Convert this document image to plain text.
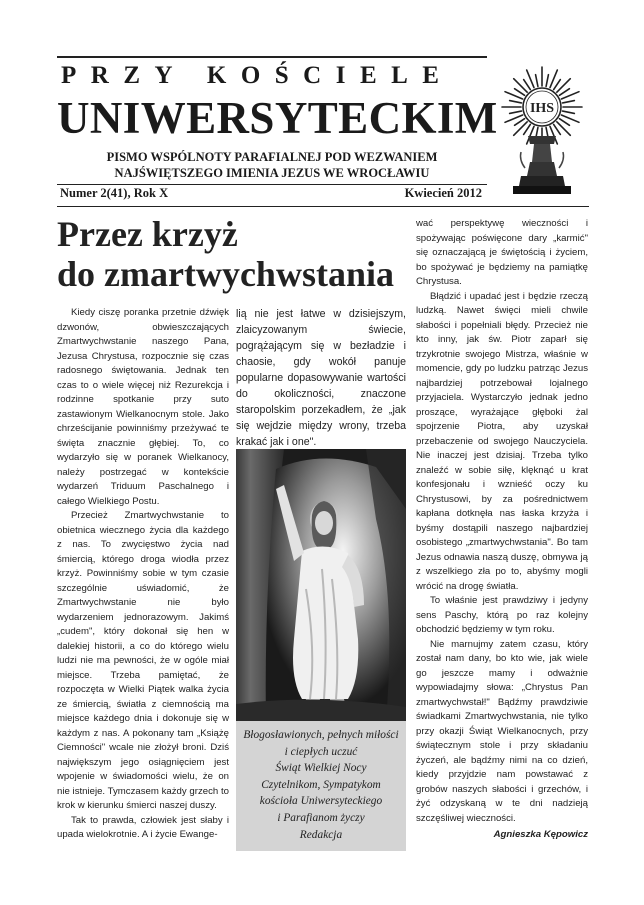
PRZY KOŚCIELE
UNIWERSYTECKIM
PISMO WSPÓLNOTY PARAFIALNEJ POD WEZWANIEM
NAJŚWIĘTSZEGO IMIENIA JEZUS WE WROCŁAWIU
Numer 2(41), Rok X	Kwiecień 2012
IHS
Przez krzyż
do zmartwychwstania

Kiedy ciszę poranka przetnie dźwięk dzwonów, obwieszczających Zmartwychwstanie naszego Pana, Jezusa Chrystusa, rozpocznie się czas radosnego świętowania. Jednak ten czas to o wiele więcej niż Rezurekcja i rodzinne spotkanie przy suto zastawionym Wielkanocnym stole. Jako chrześcijanie powinniśmy przeżywać te święta znacznie głębiej. To, co wydarzyło się w poranek Wielkanocy, należy postrzegać w kontekście wydarzeń Triduum Paschalnego i całego Wielkiego Postu.

Przecież Zmartwychwstanie to obietnica wiecznego życia dla każdego z nas. To zwycięstwo życia nad śmiercią, którego droga wiodła przez krzyż. Powinniśmy sobie w tym czasie szczególnie uświadomić, że Zmartwychwstanie nie było wydarzeniem jednorazowym. Jakimś „cudem", który dokonał się hen w dalekiej historii, a co do którego wielu ludzi nie ma pewności, że w ogóle miał miejsce. Trzeba pamiętać, że rozpoczęta w Wielki Piątek walka życia ze śmiercią, światła z ciemnością ma miejsce każdego dnia i dokonuje się w każdym z nas. A pokonany tam „Książę Ciemności" wcale nie złożył broni. Dziś największym jego osiągnięciem jest wpojenie w świadomości wielu, że on nie istnieje. Tymczasem każdy grzech to krok w kierunku śmierci naszej duszy.

Tak to prawda, człowiek jest słaby i upada wielokrotnie. A i życie Ewange-

lią nie jest łatwe w dzisiejszym, zlaicyzowanym świecie, pogrążającym się w bezładzie i chaosie, gdy wokół panuje popularne dopasowywanie wartości do okoliczności, znaczone staropolskim porzekadłem, że „jak się wejdzie między wrony, trzeba krakać jak i one".

Błogosławionych, pełnych miłości
i ciepłych uczuć
Świąt Wielkiej Nocy
Czytelnikom, Sympatykom
kościoła Uniwersyteckiego
i Parafianom życzy
Redakcja

wać perspektywę wieczności i spożywając poświęcone dary „karmić" się oznaczającą je świętością i życiem, bo spożywać je będziemy na pamiątkę Chrystusa.

Błądzić i upadać jest i będzie rzeczą ludzką. Nawet święci mieli chwile słabości i popełniali błędy. Przecież nie kto inny, jak św. Piotr zaparł się trzykrotnie swojego Mistrza, właśnie w momencie, gdy po ludzku patrząc Jezus najbardziej potrzebował lojalnego przyjaciela. Wystarczyło jednak jedno proszące, wyrażające głęboki żal spojrzenie Piotra, aby uzyskał przebaczenie od swojego Nauczyciela. Nie inaczej jest dzisiaj. Trzeba tylko znaleźć w sobie siłę, klęknąć u krat konfesjonału i wznieść oczy ku Chrystusowi, by za pośrednictwem kapłana dotknęła nas łaska krzyża i byśmy dostąpili naszego najbardziej osobistego „zmartwychwstania". Bo tam Jezus odnawia naszą duszę, obmywa ją z wszelkiego zła po to, abyśmy mogli wrócić na drogę światła.

To właśnie jest prawdziwy i jedyny sens Paschy, którą po raz kolejny obchodzić będziemy w tym roku.

Nie marnujmy zatem czasu, który został nam dany, bo kto wie, jak wiele go jeszcze mamy i odważnie wypowiadajmy słowa: „Chrystus Pan zmartwychwstał!" Bądźmy prawdziwie świadkami Zmartwychwstania, nie tylko przy okazji Świąt Wielkanocnych, przy świątecznym stole i przy składaniu życzeń, ale bądźmy nimi na co dzień, kiedy przyjdzie nam powstawać z grobów naszych słabości i grzechów, i żyć odzyskaną w te dni nadzieją szczęśliwej wieczności.

Agnieszka Kępowicz
